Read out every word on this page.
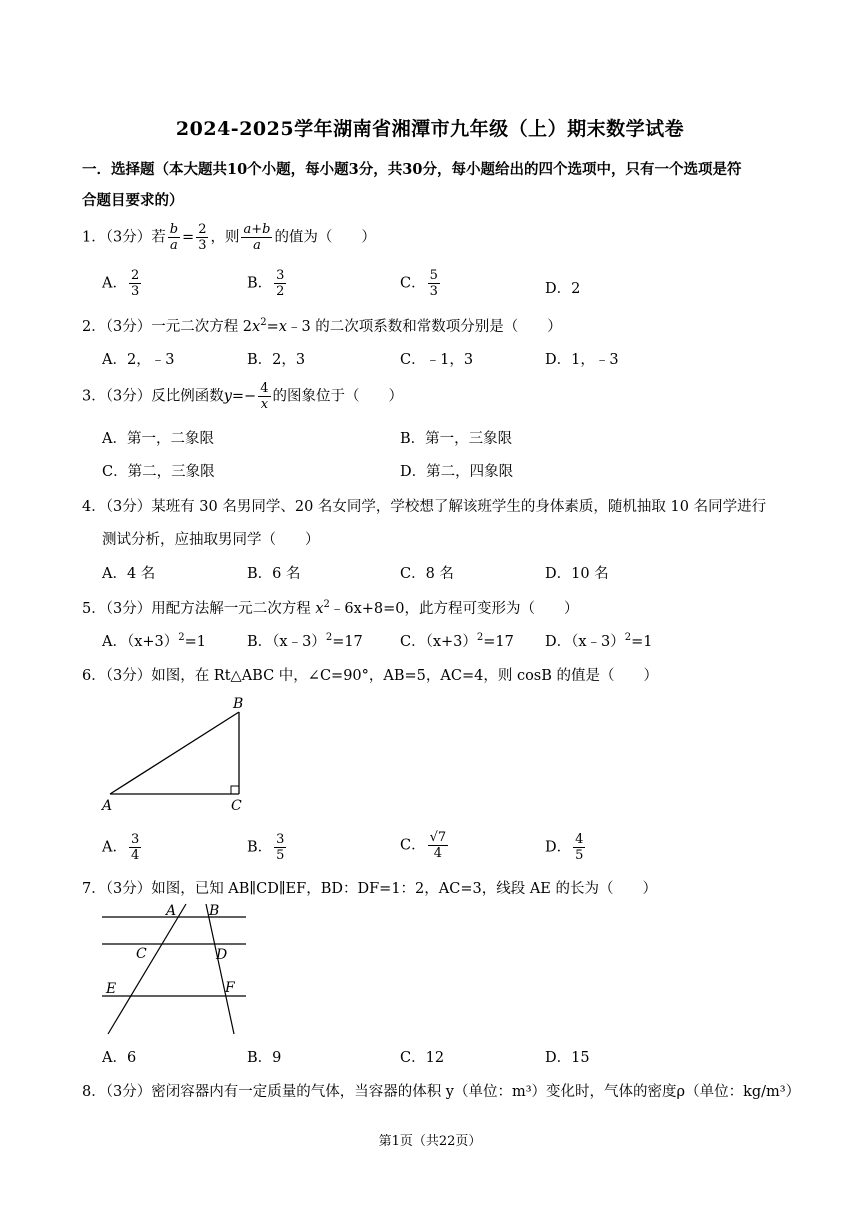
2024-2025学年湖南省湘潭市九年级（上）期末数学试卷
一．选择题（本大题共10个小题，每小题3分，共30分，每小题给出的四个选项中，只有一个选项是符
合题目要求的）
1．（3分）若 $\frac{b}{a} = \frac{2}{3}$ ，则 $\frac{a+b}{a}$ 的值为（　　）
A． $\frac{2}{3}$	B． $\frac{3}{2}$	C． $\frac{5}{3}$	D．2
2．（3分）一元二次方程 $2x^2=x﹣3$ 的二次项系数和常数项分别是（　　）
A．2，﹣3	B．2，3	C．﹣1，3	D．1，﹣3
3．（3分）反比例函数$y=- \frac{4}{x}$ 的图象位于（　　）
A．第一，二象限	B．第一，三象限
C．第二，三象限	D．第二，四象限
4．（3分）某班有 30 名男同学、20 名女同学，学校想了解该班学生的身体素质，随机抽取 10 名同学进行
测试分析，应抽取男同学（　　）
A．4 名	B．6 名	C．8 名	D．10 名
5．（3分）用配方法解一元二次方程 $x^2﹣6x+8=0$，此方程可变形为（　　）
A．$(x+3)^2=1$	B．（x﹣3）$^2$=17	C．$(x+3)^2=17$ D．（x﹣3）$^2$=1
6．（3分）如图，在 Rt△ABC 中，∠C=90°，AB=5，AC=4，则 cosB 的值是（　　）
A
B
C
A． $\frac{3}{4}$	B． $\frac{3}{5}$	C． $\frac{√7}{4}$	D． $\frac{4}{5}$
7．（3分）如图，已知 AB∥CD∥EF，BD：DF=1：2，AC=3，线段 AE 的长为（　　）
A B
C	D
E	F
A．6	B．9	C．12	D．15
8．（3分）密闭容器内有一定质量的气体，当容器的体积 y（单位：m³）变化时，气体的密度ρ（单位：kg/m³）
第1页（共22页）
